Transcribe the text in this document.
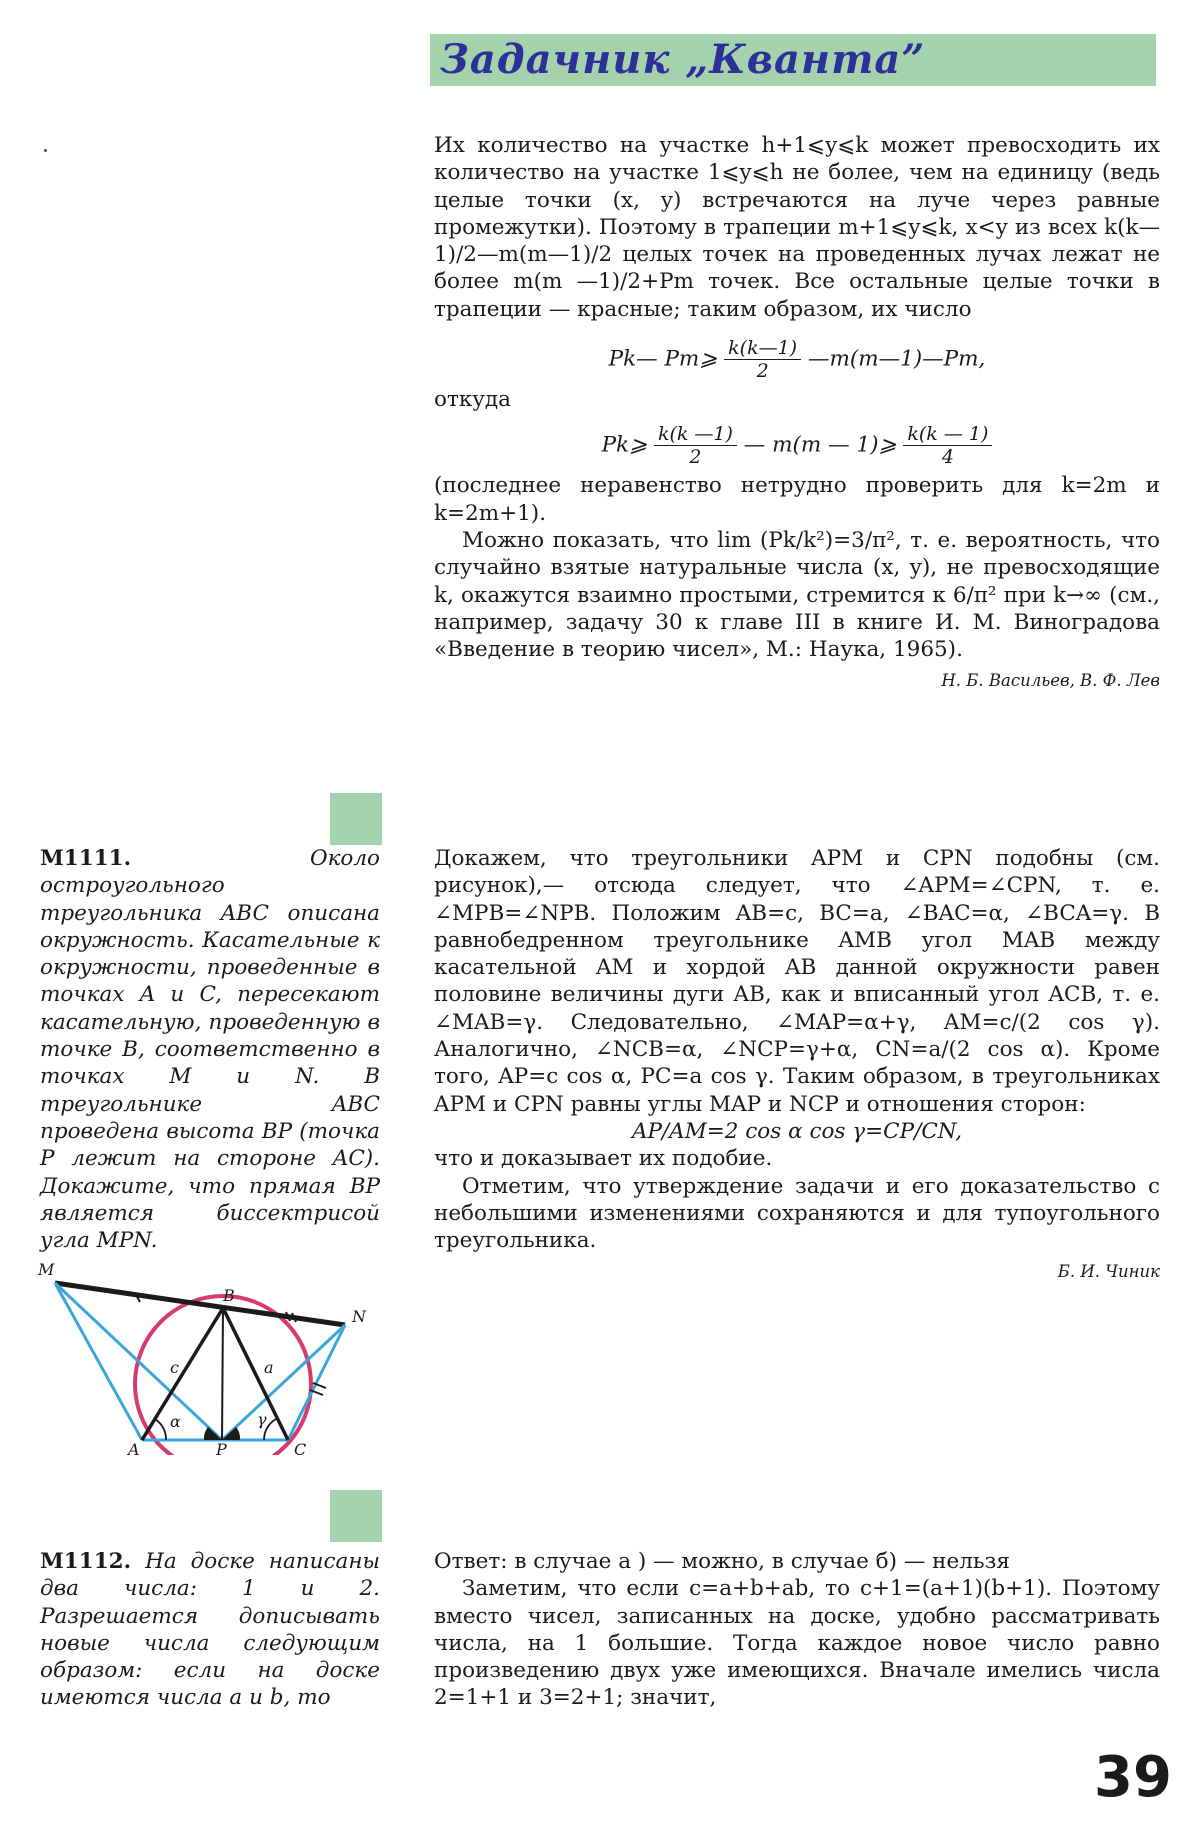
Задачник „Кванта”

Их количество на участке h+1⩽y⩽k может превосходить их количество на участке 1⩽y⩽h не более, чем на единицу (ведь целые точки (x, y) встречаются на луче через равные промежутки). Поэтому в трапеции m+1⩽y⩽k, x<y из всех k(k—1)/2—m(m—1)/2 целых точек на проведенных лучах лежат не более m(m —1)/2+Pm точек. Все остальные целые точки в трапеции — красные; таким образом, их число

Pk— Pm⩾ $\frac{k(k—1)}{2}$ —m(m—1)—Pm,

откуда

Pk⩾ $\frac{k(k —1)}{2}$ — m(m — 1)⩾ $\frac{k(k — 1)}{4}$

(последнее неравенство нетрудно проверить для k=2m и k=2m+1).

Можно показать, что lim (Pk/k²)=3/π², т. е. вероятность, что случайно взятые натуральные числа (x, y), не превосходящие k, окажутся взаимно простыми, стремится к 6/π² при k→∞ (см., например, задачу 30 к главе III в книге И. М. Виноградова «Введение в теорию чисел», М.: Наука, 1965).

Н. Б. Васильев, В. Ф. Лев

M1111.	Около остроугольного треугольника ABC описана окружность. Касательные к окружности, проведенные в точках A и C, пересекают касательную, проведенную в точке B, соответственно в точках M и N. В треугольнике ABC проведена высота BP (точка P лежит на стороне AC). Докажите, что прямая BP является биссектрисой угла MPN.
M
N
B
A	P	C
c	a
α	γ

Докажем, что треугольники APM и CPN подобны (см. рисунок),— отсюда следует, что ∠APM=∠CPN, т. е. ∠MPB=∠NPB. Положим AB=c, BC=a, ∠BAC=α, ∠BCA=γ. В равнобедренном треугольнике AMB угол MAB между касательной AM и хордой AB данной окружности равен половине величины дуги AB, как и вписанный угол ACB, т. е. ∠MAB=γ. Следовательно, ∠MAP=α+γ, AM=c/(2 cos γ). Аналогично, ∠NCB=α, ∠NCP=γ+α, CN=a/(2 cos α). Кроме того, AP=c cos α, PC=a cos γ. Таким образом, в треугольниках APM и CPN равны углы MAP и NCP и отношения сторон:

AP/AM=2 cos α cos γ=CP/CN,

что и доказывает их подобие.

Отметим, что утверждение задачи и его доказательство с небольшими изменениями сохраняются и для тупоугольного треугольника.

Б. И. Чиник

M1112. На доске написаны два числа: 1 и 2. Разрешается дописывать новые числа следующим образом: если на доске имеются числа a и b, то

Ответ: в случае а ) — можно, в случае б) — нельзя

Заметим, что если c=a+b+ab, то c+1=(a+1)(b+1). Поэтому вместо чисел, записанных на доске, удобно рассматривать числа, на 1 большие. Тогда каждое новое число равно произведению двух уже имеющихся. Вначале имелись числа 2=1+1 и 3=2+1; значит,

39
